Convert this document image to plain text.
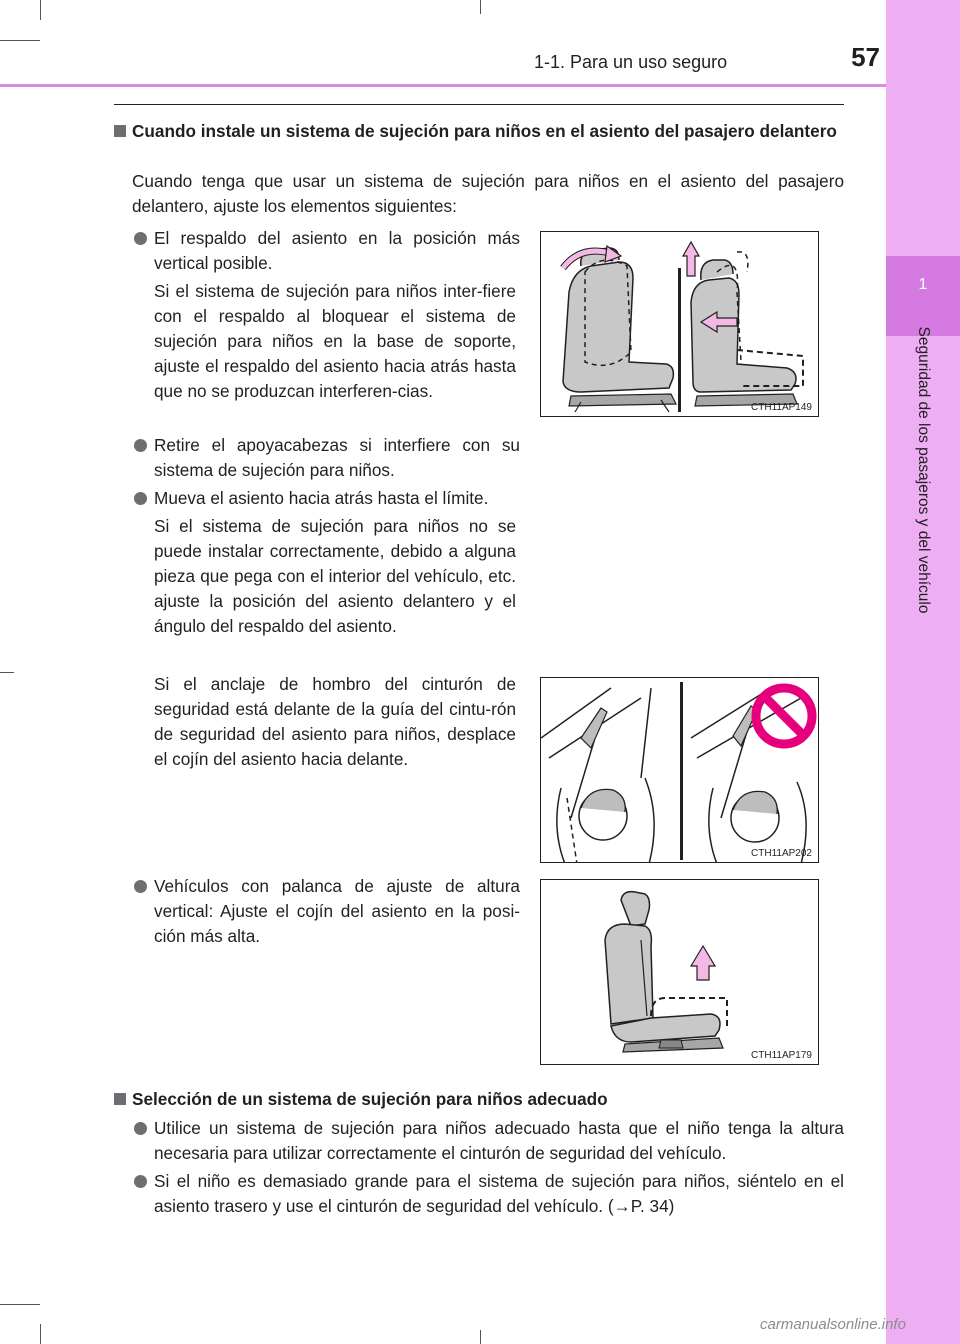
1
Seguridad de los pasajeros y del vehículo
1-1. Para un uso seguro	57
Cuando instale un sistema de sujeción para niños en el asiento del pasajero delantero
Cuando tenga que usar un sistema de sujeción para niños en el asiento del pasajero delantero, ajuste los elementos siguientes:
El respaldo del asiento en la posición más vertical posible.
Si el sistema de sujeción para niños inter-fiere con el respaldo al bloquear el sistema de sujeción para niños en la base de soporte, ajuste el respaldo del asiento hacia atrás hasta que no se produzcan interferen-cias.
Retire el apoyacabezas si interfiere con su sistema de sujeción para niños.
Mueva el asiento hacia atrás hasta el límite.
Si el sistema de sujeción para niños no se puede instalar correctamente, debido a alguna pieza que pega con el interior del vehículo, etc. ajuste la posición del asiento delantero y el ángulo del respaldo del asiento.
Si el anclaje de hombro del cinturón de seguridad está delante de la guía del cintu-rón de seguridad del asiento para niños, desplace el cojín del asiento hacia delante.
Vehículos con palanca de ajuste de altura vertical: Ajuste el cojín del asiento en la posi-ción más alta.
CTH11AP149
CTH11AP202
CTH11AP179
Selección de un sistema de sujeción para niños adecuado
Utilice un sistema de sujeción para niños adecuado hasta que el niño tenga la altura necesaria para utilizar correctamente el cinturón de seguridad del vehículo.
Si el niño es demasiado grande para el sistema de sujeción para niños, siéntelo en el asiento trasero y use el cinturón de seguridad del vehículo. (→P. 34)
carmanualsonline.info
